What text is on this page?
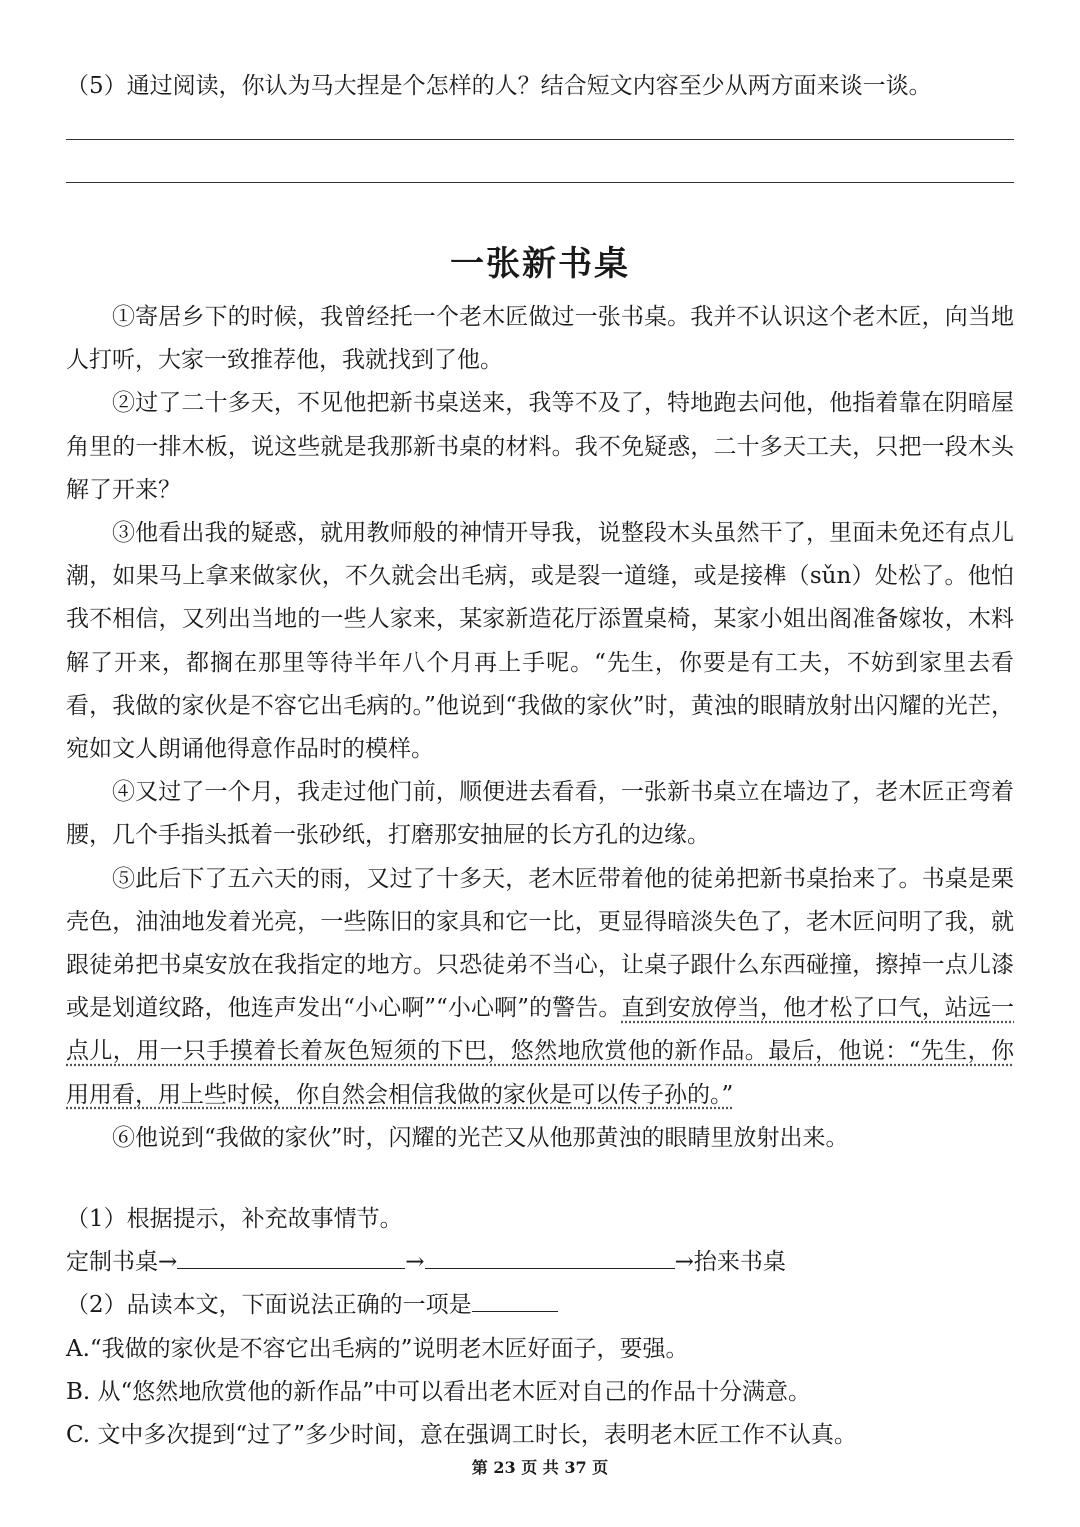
（5）通过阅读，你认为马大捏是个怎样的人？结合短文内容至少从两方面来谈一谈。
一张新书桌

①寄居乡下的时候，我曾经托一个老木匠做过一张书桌。我并不认识这个老木匠，向当地人打听，大家一致推荐他，我就找到了他。

②过了二十多天，不见他把新书桌送来，我等不及了，特地跑去问他，他指着靠在阴暗屋角里的一排木板，说这些就是我那新书桌的材料。我不免疑惑，二十多天工夫，只把一段木头解了开来？

③他看出我的疑惑，就用教师般的神情开导我，说整段木头虽然干了，里面未免还有点儿潮，如果马上拿来做家伙，不久就会出毛病，或是裂一道缝，或是接榫（sǔn）处松了。他怕我不相信，又列出当地的一些人家来，某家新造花厅添置桌椅，某家小姐出阁准备嫁妆，木料解了开来，都搁在那里等待半年八个月再上手呢。“先生，你要是有工夫，不妨到家里去看看，我做的家伙是不容它出毛病的。”他说到“我做的家伙”时，黄浊的眼睛放射出闪耀的光芒，宛如文人朗诵他得意作品时的模样。

④又过了一个月，我走过他门前，顺便进去看看，一张新书桌立在墙边了，老木匠正弯着腰，几个手指头抵着一张砂纸，打磨那安抽屉的长方孔的边缘。

⑤此后下了五六天的雨，又过了十多天，老木匠带着他的徒弟把新书桌抬来了。书桌是栗壳色，油油地发着光亮，一些陈旧的家具和它一比，更显得暗淡失色了，老木匠问明了我，就跟徒弟把书桌安放在我指定的地方。只恐徒弟不当心，让桌子跟什么东西碰撞，擦掉一点儿漆或是划道纹路，他连声发出“小心啊”“小心啊”的警告。直到安放停当，他才松了口气，站远一点儿，用一只手摸着长着灰色短须的下巴，悠然地欣赏他的新作品。最后，他说：“先生，你用用看，用上些时候，你自然会相信我做的家伙是可以传子孙的。”

⑥他说到“我做的家伙”时，闪耀的光芒又从他那黄浊的眼睛里放射出来。

（1）根据提示，补充故事情节。

定制书桌→	→	→抬来书桌

（2）品读本文，下面说法正确的一项是

A.“我做的家伙是不容它出毛病的”说明老木匠好面子，要强。

B. 从“悠然地欣赏他的新作品”中可以看出老木匠对自己的作品十分满意。

C. 文中多次提到“过了”多少时间，意在强调工时长，表明老木匠工作不认真。

第 23 页 共 37 页
